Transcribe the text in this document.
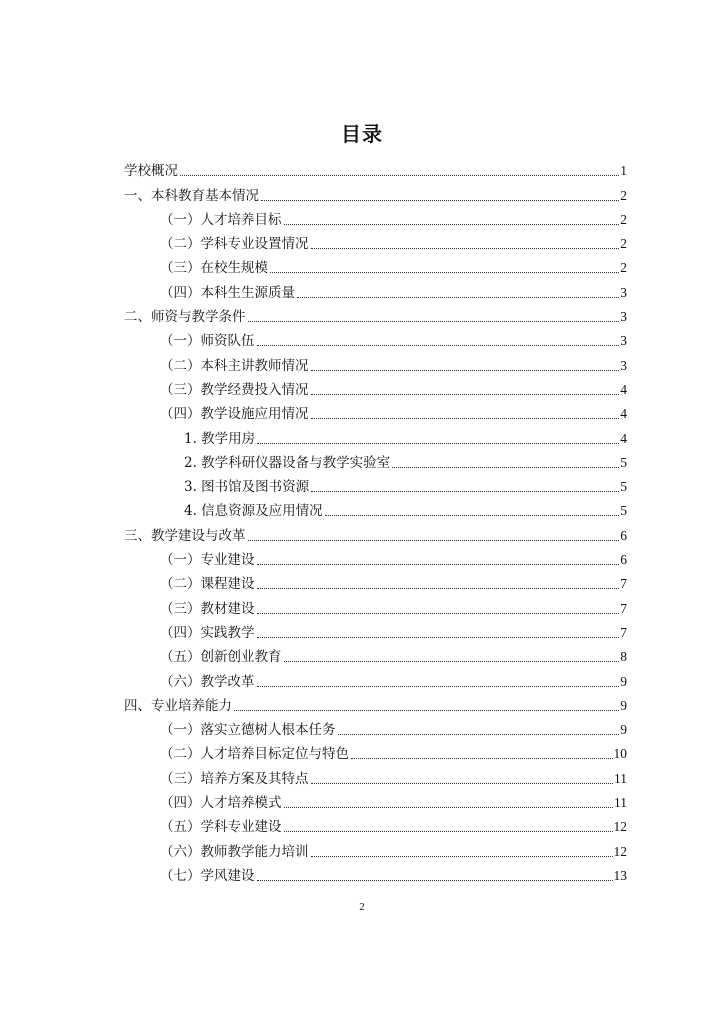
目录
学校概况	1
一、本科教育基本情况	2
（一）人才培养目标	2
（二）学科专业设置情况	2
（三）在校生规模	2
（四）本科生生源质量	3
二、师资与教学条件	3
（一）师资队伍	3
（二）本科主讲教师情况	3
（三）教学经费投入情况	4
（四）教学设施应用情况	4
1. 教学用房	4
2. 教学科研仪器设备与教学实验室	5
3. 图书馆及图书资源	5
4. 信息资源及应用情况	5
三、教学建设与改革	6
（一）专业建设	6
（二）课程建设	7
（三）教材建设	7
（四）实践教学	7
（五）创新创业教育	8
（六）教学改革	9
四、专业培养能力	9
（一）落实立德树人根本任务	9
（二）人才培养目标定位与特色	10
（三）培养方案及其特点	11
（四）人才培养模式	11
（五）学科专业建设	12
（六）教师教学能力培训	12
（七）学风建设	13
2
